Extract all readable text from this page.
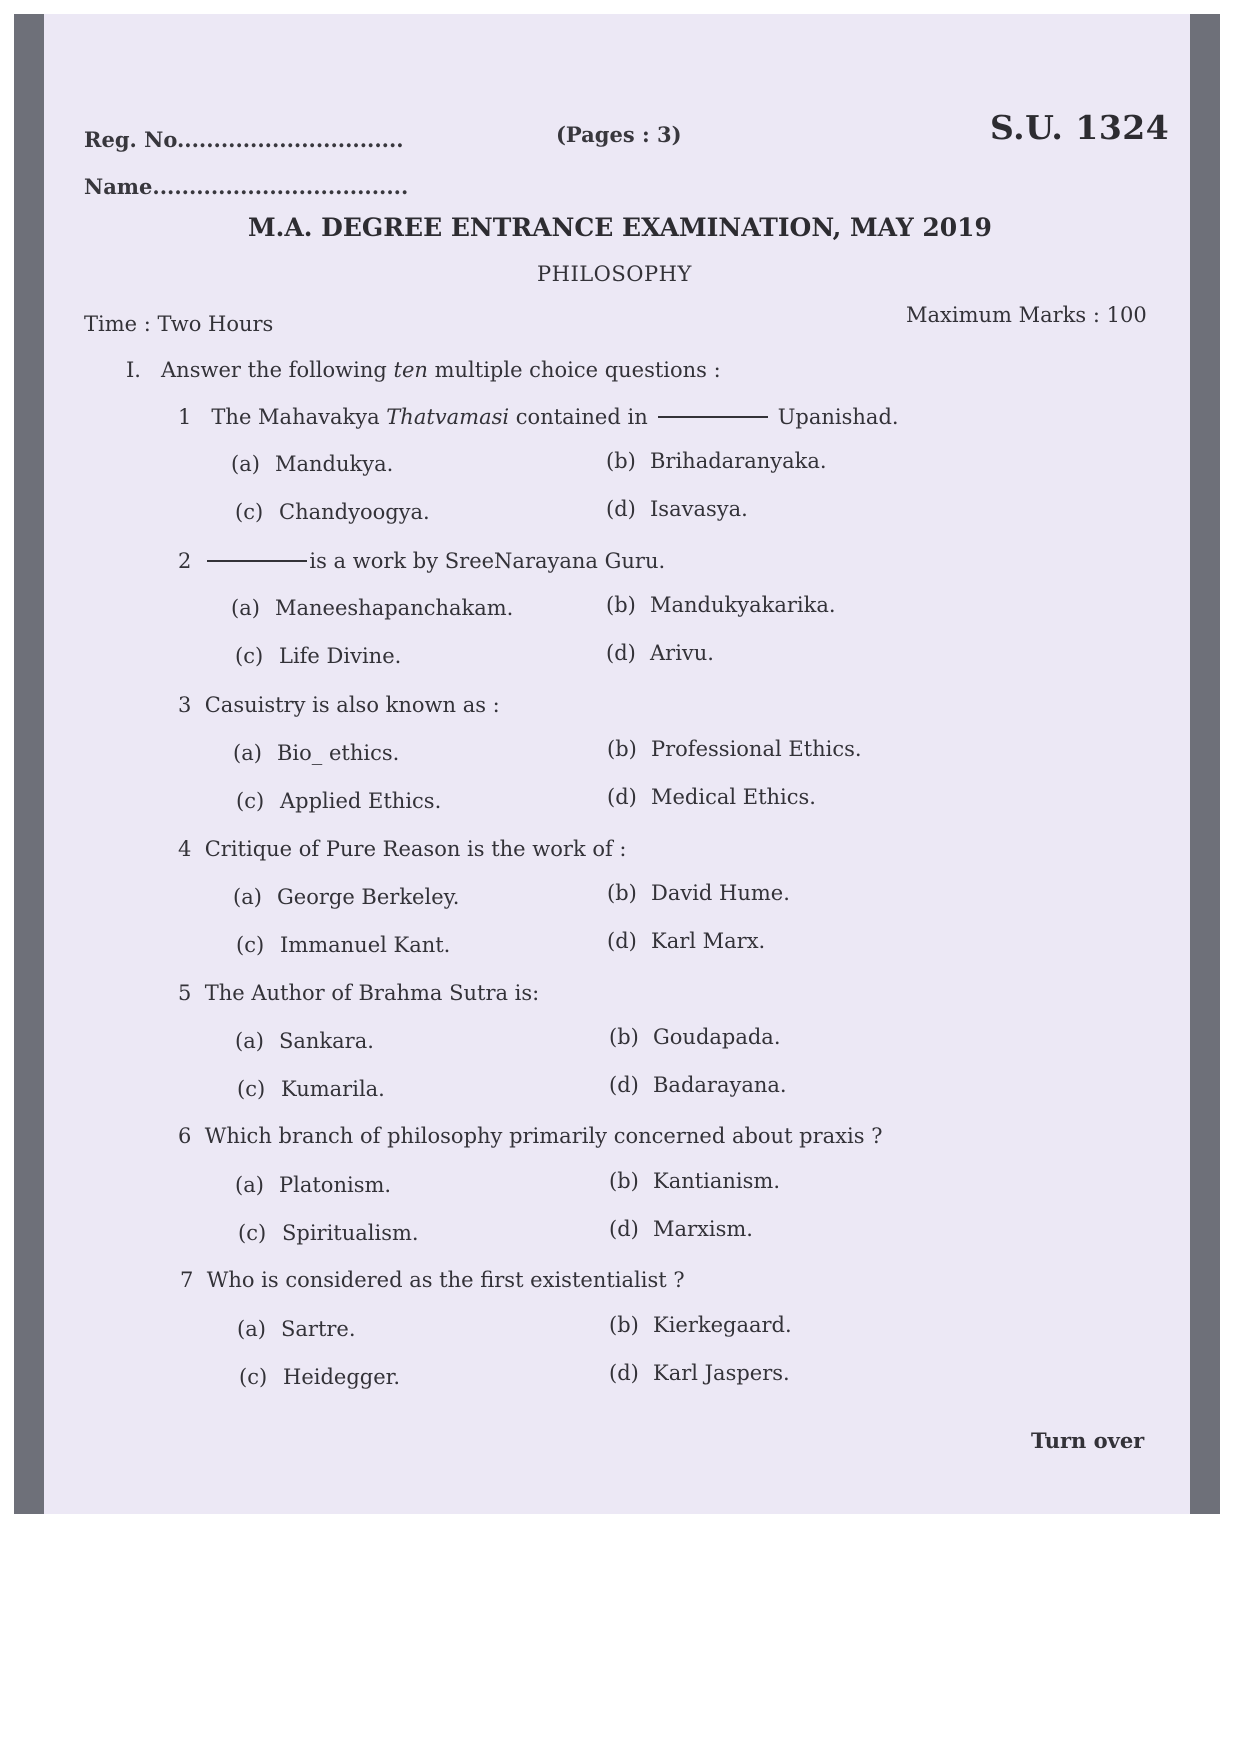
Reg. No...............................
Name...................................
(Pages : 3)	S.U. 1324
M.A. DEGREE ENTRANCE EXAMINATION, MAY 2019
PHILOSOPHY
Time : Two Hours	Maximum Marks : 100
I. Answer the following ten multiple choice questions :
1 The Mahavakya Thatvamasi contained in	Upanishad.
(a) Mandukya.	(b) Brihadaranyaka.
(c) Chandyoogya.	(d) Isavasya.
2	is a work by SreeNarayana Guru.
(a) Maneeshapanchakam.	(b) Mandukyakarika.
(c) Life Divine.	(d) Arivu.
3 Casuistry is also known as :
(a) Bio_ ethics.	(b) Professional Ethics.
(c) Applied Ethics.	(d) Medical Ethics.
4 Critique of Pure Reason is the work of :
(a) George Berkeley.	(b) David Hume.
(c) Immanuel Kant.	(d) Karl Marx.
5 The Author of Brahma Sutra is:
(a) Sankara.	(b) Goudapada.
(c) Kumarila.	(d) Badarayana.
6 Which branch of philosophy primarily concerned about praxis ?
(a) Platonism.	(b) Kantianism.
(c) Spiritualism.	(d) Marxism.
7 Who is considered as the first existentialist ?
(a) Sartre.	(b) Kierkegaard.
(c) Heidegger.	(d) Karl Jaspers.
Turn over
